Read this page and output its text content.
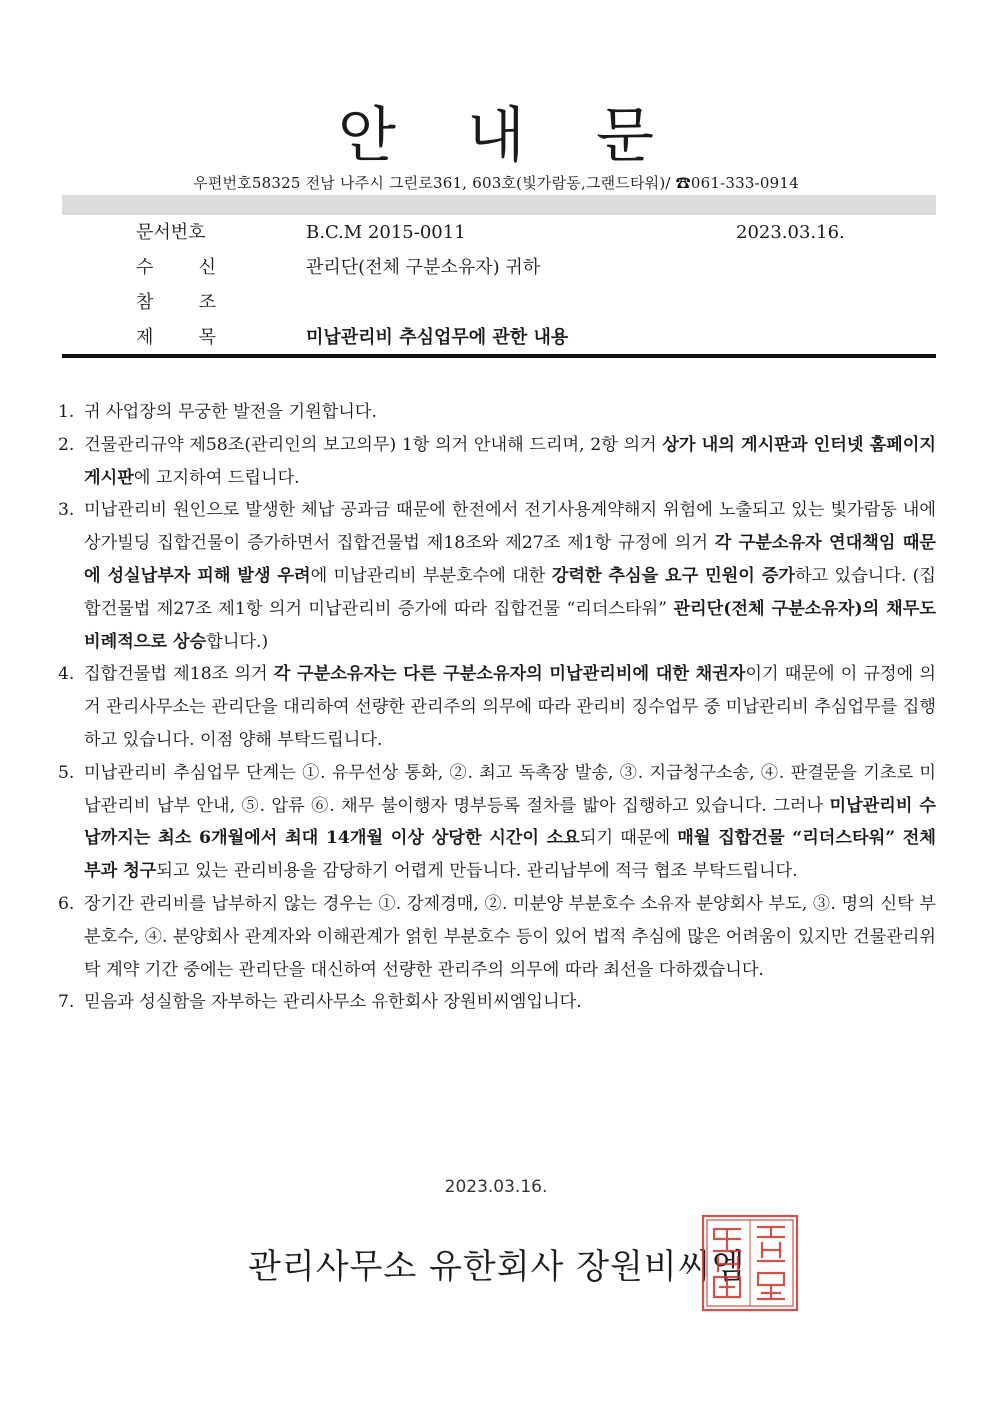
안 내 문
우편번호58325 전남 나주시 그린로361, 603호(빛가람동,그랜드타워)/ ☎061-333-0914
문서번호	B.C.M 2015-0011	2023.03.16.
수	신	관리단(전체 구분소유자) 귀하
참	조
제	목	미납관리비 추심업무에 관한 내용
1. 귀 사업장의 무궁한 발전을 기원합니다.
2. 건물관리규약 제58조(관리인의 보고의무) 1항 의거 안내해 드리며, 2항 의거 상가 내의 게시판과 인터넷 홈페이지 게시판에 고지하여 드립니다.
3. 미납관리비 원인으로 발생한 체납 공과금 때문에 한전에서 전기사용계약해지 위험에 노출되고 있는 빛가람동 내에 상가빌딩 집합건물이 증가하면서 집합건물법 제18조와 제27조 제1항 규정에 의거 각 구분소유자 연대책임 때문에 성실납부자 피해 발생 우려에 미납관리비 부분호수에 대한 강력한 추심을 요구 민원이 증가하고 있습니다. (집합건물법 제27조 제1항 의거 미납관리비 증가에 따라 집합건물 “리더스타워” 관리단(전체 구분소유자)의 채무도 비례적으로 상승합니다.)
4. 집합건물법 제18조 의거 각 구분소유자는 다른 구분소유자의 미납관리비에 대한 채권자이기 때문에 이 규정에 의거 관리사무소는 관리단을 대리하여 선량한 관리주의 의무에 따라 관리비 징수업무 중 미납관리비 추심업무를 집행하고 있습니다. 이점 양해 부탁드립니다.
5. 미납관리비 추심업무 단계는 ①. 유무선상 통화, ②. 최고 독촉장 발송, ③. 지급청구소송, ④. 판결문을 기초로 미납관리비 납부 안내, ⑤. 압류 ⑥. 채무 불이행자 명부등록 절차를 밟아 집행하고 있습니다. 그러나 미납관리비 수납까지는 최소 6개월에서 최대 14개월 이상 상당한 시간이 소요되기 때문에 매월 집합건물 “리더스타워” 전체 부과 청구되고 있는 관리비용을 감당하기 어렵게 만듭니다. 관리납부에 적극 협조 부탁드립니다.
6. 장기간 관리비를 납부하지 않는 경우는 ①. 강제경매, ②. 미분양 부분호수 소유자 분양회사 부도, ③. 명의 신탁 부분호수, ④. 분양회사 관계자와 이해관계가 얽힌 부분호수 등이 있어 법적 추심에 많은 어려움이 있지만 건물관리위탁 계약 기간 중에는 관리단을 대신하여 선량한 관리주의 의무에 따라 최선을 다하겠습니다.
7. 믿음과 성실함을 자부하는 관리사무소 유한회사 장원비씨엠입니다.
2023.03.16.
관리사무소 유한회사 장원비씨엠
